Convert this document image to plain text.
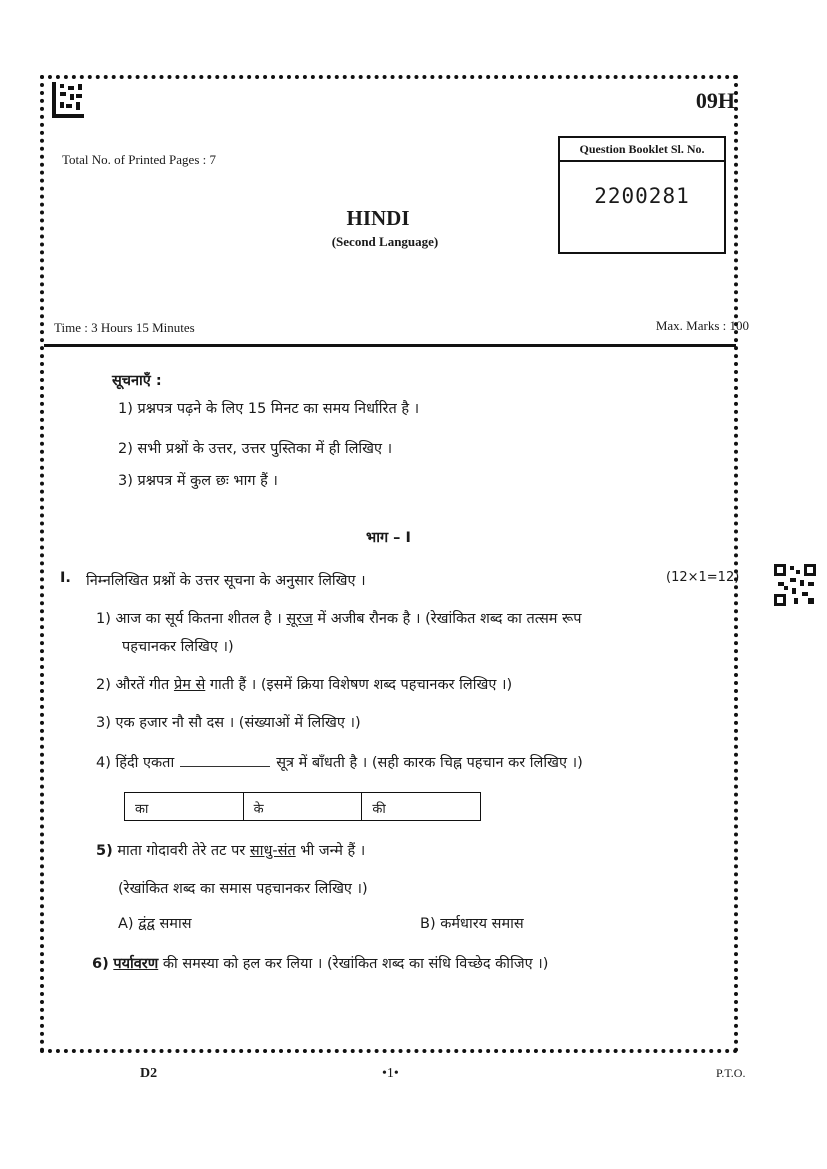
09H
Total No. of Printed Pages : 7
Question Booklet Sl. No.
2200281
HINDI
(Second Language)
Time : 3 Hours 15 Minutes	Max. Marks : 100
सूचनाएँ :
1) प्रश्नपत्र पढ़ने के लिए 15 मिनट का समय निर्धारित है ।
2) सभी प्रश्नों के उत्तर, उत्तर पुस्तिका में ही लिखिए ।
3) प्रश्नपत्र में कुल छः भाग हैं ।
भाग – I
I. निम्नलिखित प्रश्नों के उत्तर सूचना के अनुसार लिखिए ।	(12×1=12)
1) आज का सूर्य कितना शीतल है । सूरज में अजीब रौनक है । (रेखांकित शब्द का तत्सम रूप
पहचानकर लिखिए ।)
2) औरतें गीत प्रेम से गाती हैं । (इसमें क्रिया विशेषण शब्द पहचानकर लिखिए ।)
3) एक हजार नौ सौ दस । (संख्याओं में लिखिए ।)
4) हिंदी एकता	सूत्र में बाँधती है । (सही कारक चिह्न पहचान कर लिखिए ।)
का	के	की
5) माता गोदावरी तेरे तट पर साधु-संत भी जन्मे हैं ।
(रेखांकित शब्द का समास पहचानकर लिखिए ।)
A) द्वंद्व समास	B) कर्मधारय समास
6) पर्यावरण की समस्या को हल कर लिया । (रेखांकित शब्द का संधि विच्छेद कीजिए ।)
D2	•1•	P.T.O.
